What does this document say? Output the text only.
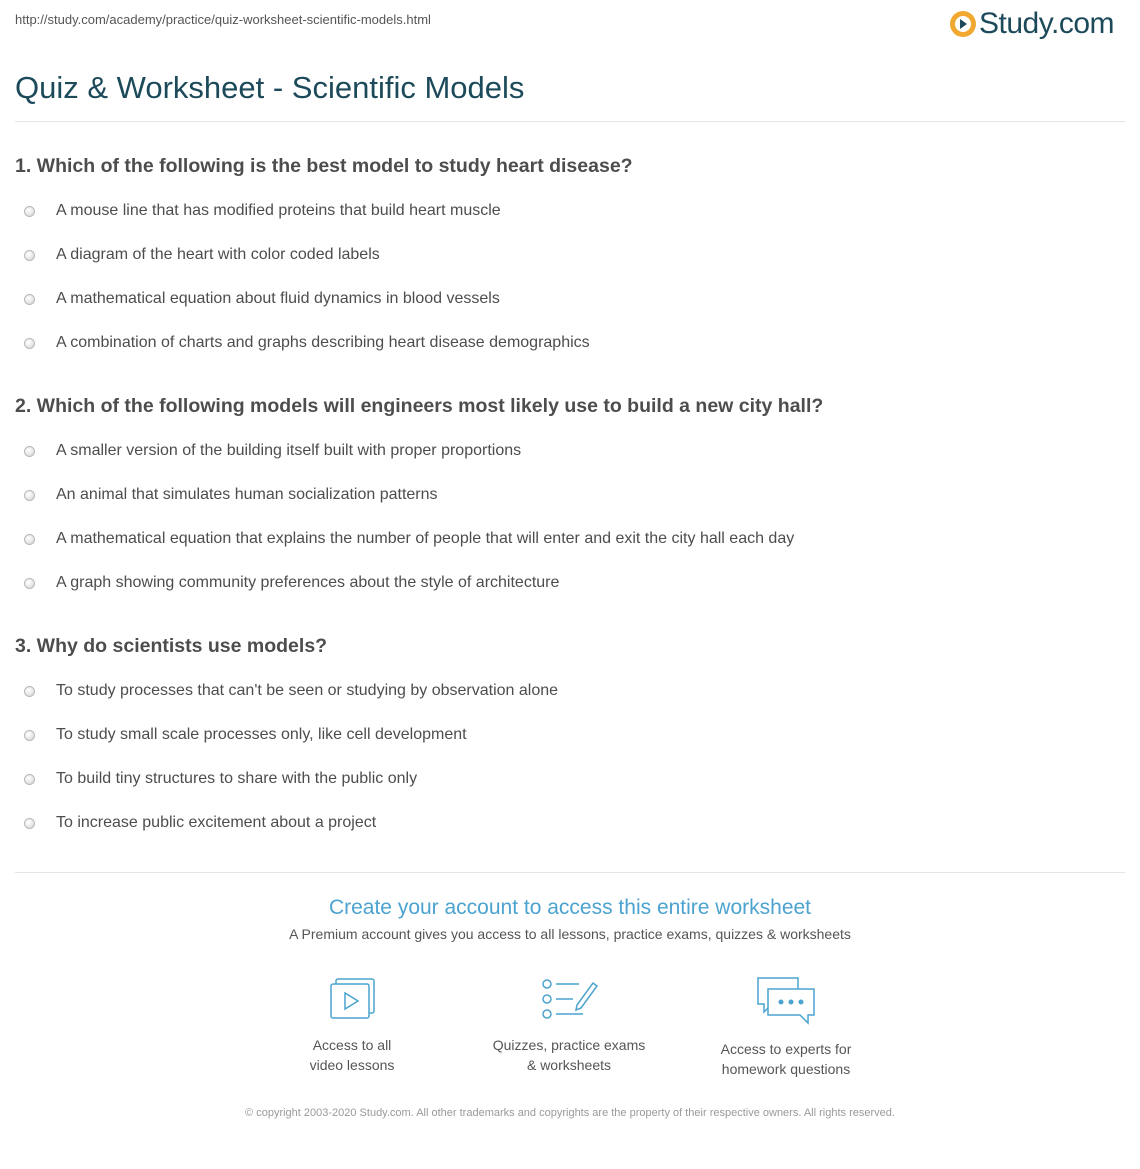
http://study.com/academy/practice/quiz-worksheet-scientific-models.html	Study.com
Quiz & Worksheet - Scientific Models
1. Which of the following is the best model to study heart disease?
A mouse line that has modified proteins that build heart muscle
A diagram of the heart with color coded labels
A mathematical equation about fluid dynamics in blood vessels
A combination of charts and graphs describing heart disease demographics
2. Which of the following models will engineers most likely use to build a new city hall?
A smaller version of the building itself built with proper proportions
An animal that simulates human socialization patterns
A mathematical equation that explains the number of people that will enter and exit the city hall each day
A graph showing community preferences about the style of architecture
3. Why do scientists use models?
To study processes that can't be seen or studying by observation alone
To study small scale processes only, like cell development
To build tiny structures to share with the public only
To increase public excitement about a project
Create your account to access this entire worksheet
A Premium account gives you access to all lessons, practice exams, quizzes & worksheets
Access to all
video lessons
Quizzes, practice exams
& worksheets
Access to experts for
homework questions
© copyright 2003-2020 Study.com. All other trademarks and copyrights are the property of their respective owners. All rights reserved.
